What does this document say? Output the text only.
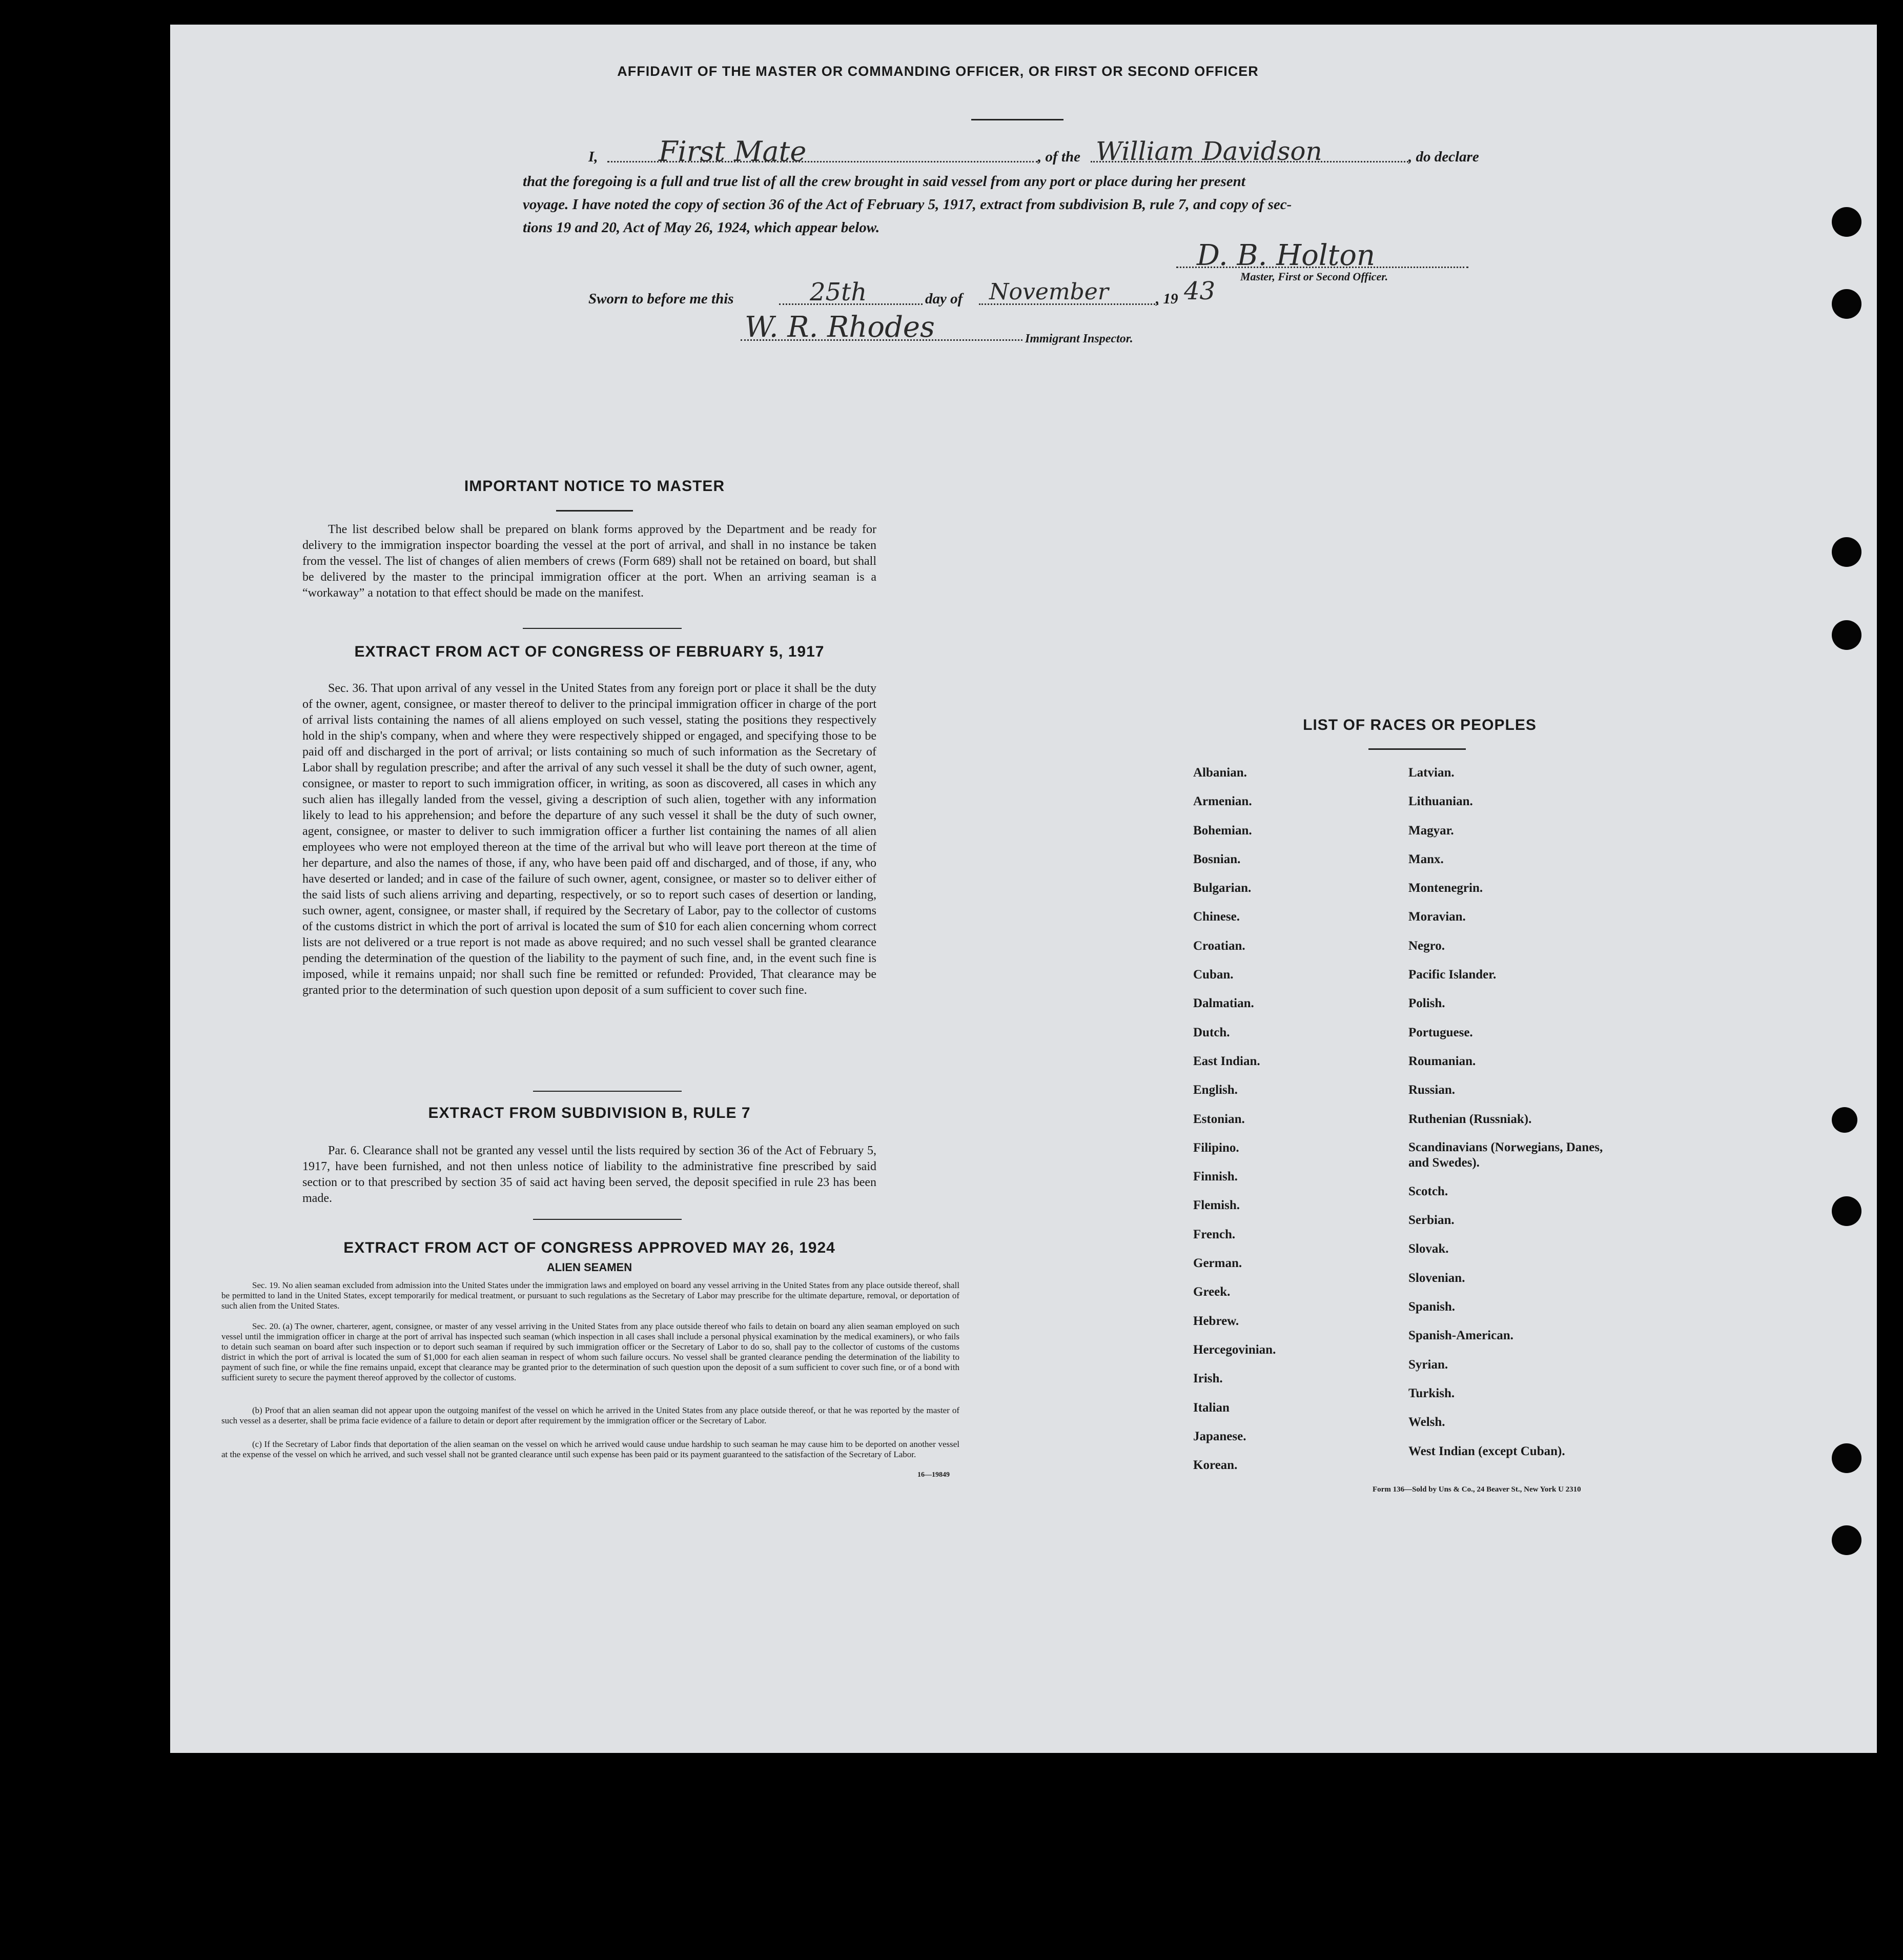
AFFIDAVIT OF THE MASTER OR COMMANDING OFFICER, OR FIRST OR SECOND OFFICER
I, First Mate	, of the William Davidson	, do declare
that the foregoing is a full and true list of all the crew brought in said vessel from any port or place during her present
voyage. I have noted the copy of section 36 of the Act of February 5, 1917, extract from subdivision B, rule 7, and copy of sec-
tions 19 and 20, Act of May 26, 1924, which appear below.
D. B. Holton
Master, First or Second Officer.
Sworn to before me this	25th	day of November	, 19 43
W. R. Rhodes	Immigrant Inspector.
IMPORTANT NOTICE TO MASTER
The list described below shall be prepared on blank forms approved by the Department and be ready for delivery to the immigration inspector boarding the vessel at the port of arrival, and shall in no instance be taken from the vessel. The list of changes of alien members of crews (Form 689) shall not be retained on board, but shall be delivered by the master to the principal immigration officer at the port. When an arriving seaman is a “workaway” a notation to that effect should be made on the manifest.
EXTRACT FROM ACT OF CONGRESS OF FEBRUARY 5, 1917
Sec. 36. That upon arrival of any vessel in the United States from any foreign port or place it shall be the duty of the owner, agent, consignee, or master thereof to deliver to the principal immigration officer in charge of the port of arrival lists containing the names of all aliens employed on such vessel, stating the positions they respectively hold in the ship's company, when and where they were respectively shipped or engaged, and specifying those to be paid off and discharged in the port of arrival; or lists containing so much of such information as the Secretary of Labor shall by regulation prescribe; and after the arrival of any such vessel it shall be the duty of such owner, agent, consignee, or master to report to such immigration officer, in writing, as soon as discovered, all cases in which any such alien has illegally landed from the vessel, giving a description of such alien, together with any information likely to lead to his apprehension; and before the departure of any such vessel it shall be the duty of such owner, agent, consignee, or master to deliver to such immigration officer a further list containing the names of all alien employees who were not employed thereon at the time of the arrival but who will leave port thereon at the time of her departure, and also the names of those, if any, who have been paid off and discharged, and of those, if any, who have deserted or landed; and in case of the failure of such owner, agent, consignee, or master so to deliver either of the said lists of such aliens arriving and departing, respectively, or so to report such cases of desertion or landing, such owner, agent, consignee, or master shall, if required by the Secretary of Labor, pay to the collector of customs of the customs district in which the port of arrival is located the sum of $10 for each alien concerning whom correct lists are not delivered or a true report is not made as above required; and no such vessel shall be granted clearance pending the determination of the question of the liability to the payment of such fine, and, in the event such fine is imposed, while it remains unpaid; nor shall such fine be remitted or refunded: Provided, That clearance may be granted prior to the determination of such question upon deposit of a sum sufficient to cover such fine.
EXTRACT FROM SUBDIVISION B, RULE 7
Par. 6. Clearance shall not be granted any vessel until the lists required by section 36 of the Act of February 5, 1917, have been furnished, and not then unless notice of liability to the administrative fine prescribed by said section or to that prescribed by section 35 of said act having been served, the deposit specified in rule 23 has been made.
EXTRACT FROM ACT OF CONGRESS APPROVED MAY 26, 1924
ALIEN SEAMEN
Sec. 19. No alien seaman excluded from admission into the United States under the immigration laws and employed on board any vessel arriving in the United States from any place outside thereof, shall be permitted to land in the United States, except temporarily for medical treatment, or pursuant to such regulations as the Secretary of Labor may prescribe for the ultimate departure, removal, or deportation of such alien from the United States.
Sec. 20. (a) The owner, charterer, agent, consignee, or master of any vessel arriving in the United States from any place outside thereof who fails to detain on board any alien seaman employed on such vessel until the immigration officer in charge at the port of arrival has inspected such seaman (which inspection in all cases shall include a personal physical examination by the medical examiners), or who fails to detain such seaman on board after such inspection or to deport such seaman if required by such immigration officer or the Secretary of Labor to do so, shall pay to the collector of customs of the customs district in which the port of arrival is located the sum of $1,000 for each alien seaman in respect of whom such failure occurs. No vessel shall be granted clearance pending the determination of the liability to payment of such fine, or while the fine remains unpaid, except that clearance may be granted prior to the determination of such question upon the deposit of a sum sufficient to cover such fine, or of a bond with sufficient surety to secure the payment thereof approved by the collector of customs.
(b) Proof that an alien seaman did not appear upon the outgoing manifest of the vessel on which he arrived in the United States from any place outside thereof, or that he was reported by the master of such vessel as a deserter, shall be prima facie evidence of a failure to detain or deport after requirement by the immigration officer or the Secretary of Labor.
(c) If the Secretary of Labor finds that deportation of the alien seaman on the vessel on which he arrived would cause undue hardship to such seaman he may cause him to be deported on another vessel at the expense of the vessel on which he arrived, and such vessel shall not be granted clearance until such expense has been paid or its payment guaranteed to the satisfaction of the Secretary of Labor.
16—19849
LIST OF RACES OR PEOPLES
Albanian.
Armenian.
Bohemian.
Bosnian.
Bulgarian.
Chinese.
Croatian.
Cuban.
Dalmatian.
Dutch.
East Indian.
English.
Estonian.
Filipino.
Finnish.
Flemish.
French.
German.
Greek.
Hebrew.
Hercegovinian.
Irish.
Italian
Japanese.
Korean.
Latvian.
Lithuanian.
Magyar.
Manx.
Montenegrin.
Moravian.
Negro.
Pacific Islander.
Polish.
Portuguese.
Roumanian.
Russian.
Ruthenian (Russniak).
Scandinavians (Norwegians, Danes, and Swedes).
Scotch.
Serbian.
Slovak.
Slovenian.
Spanish.
Spanish-American.
Syrian.
Turkish.
Welsh.
West Indian (except Cuban).
Form 136—Sold by Uns & Co., 24 Beaver St., New York U 2310
